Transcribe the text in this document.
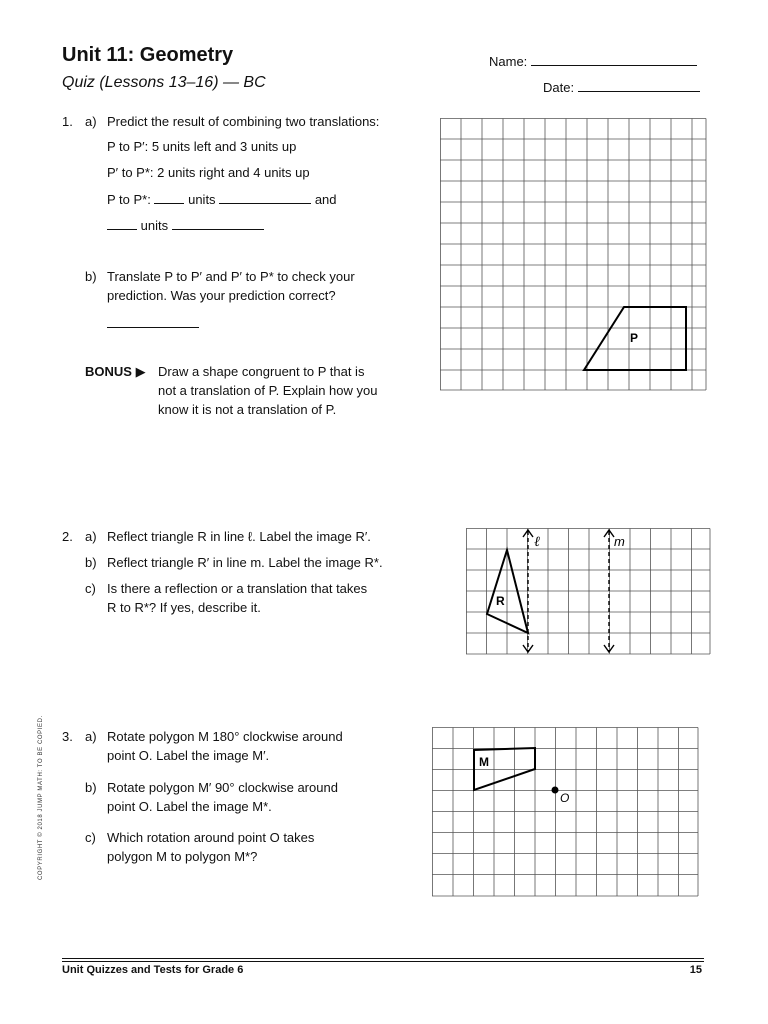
Unit 11: Geometry
Quiz (Lessons 13–16) — BC
Name:
Date:
1. a) Predict the result of combining two translations:
P to P′: 5 units left and 3 units up
P′ to P*: 2 units right and 4 units up
P to P*:	units	and
units
b) Translate P to P′ and P′ to P* to check your
prediction. Was your prediction correct?
BONUS ▶ Draw a shape congruent to P that is
not a translation of P. Explain how you
know it is not a translation of P.
P
2. a) Reflect triangle R in line ℓ. Label the image R′.
b) Reflect triangle R′ in line m. Label the image R*.
c) Is there a reflection or a translation that takes
R to R*? If yes, describe it.
ℓ	m
R
3. a) Rotate polygon M 180° clockwise around
point O. Label the image M′.
b) Rotate polygon M′ 90° clockwise around
point O. Label the image M*.
c) Which rotation around point O takes
polygon M to polygon M*?
M
O
COPYRIGHT © 2018 JUMP MATH: TO BE COPIED.
Unit Quizzes and Tests for Grade 6	15
